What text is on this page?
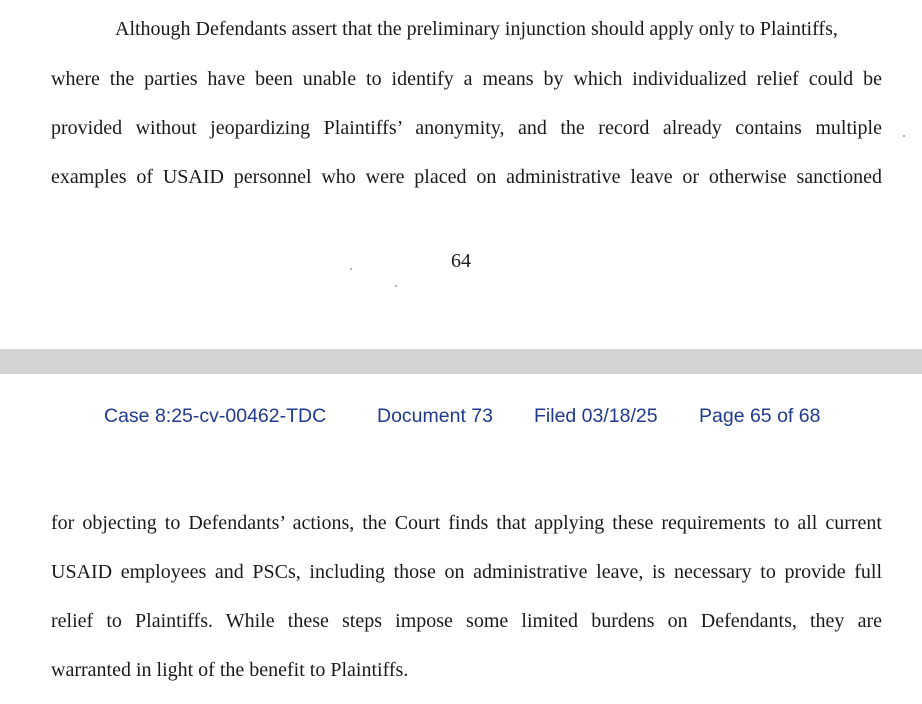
Although Defendants assert that the preliminary injunction should apply only to Plaintiffs,
where the parties have been unable to identify a means by which individualized relief could be
provided without jeopardizing Plaintiffs’ anonymity, and the record already contains multiple
examples of USAID personnel who were placed on administrative leave or otherwise sanctioned
64
Case 8:25-cv-00462-TDC	Document 73 Filed 03/18/25 Page 65 of 68
for objecting to Defendants’ actions, the Court finds that applying these requirements to all current
USAID employees and PSCs, including those on administrative leave, is necessary to provide full
relief to Plaintiffs. While these steps impose some limited burdens on Defendants, they are
warranted in light of the benefit to Plaintiffs.
